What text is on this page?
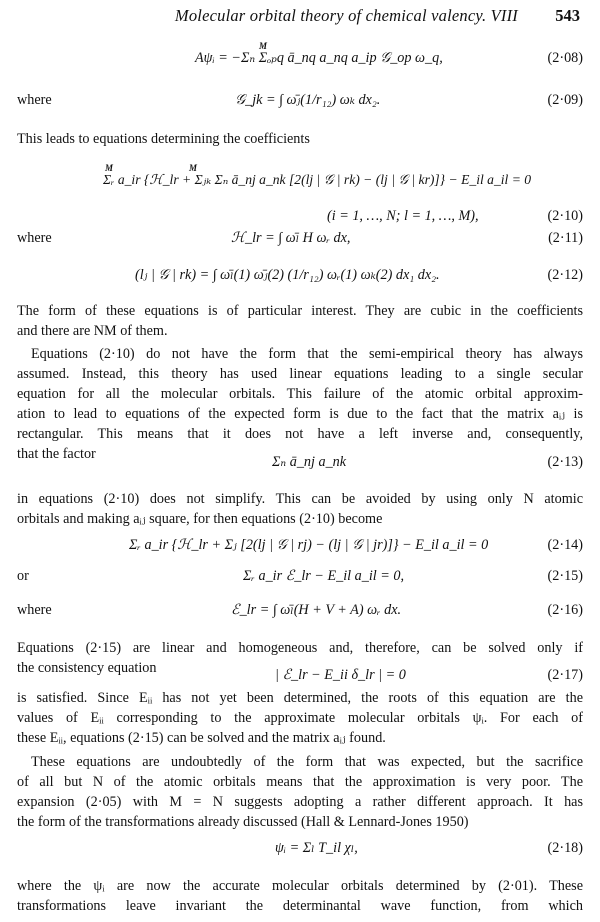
Molecular orbital theory of chemical valency. VIII 543
Aψᵢ = −Σₙ Σₒₚq ā_nq a_nq a_ip 𝒢_op ω_q,
M
(2·08)
where	𝒢_jk = ∫ ω̄ⱼ(1/r₁₂) ωₖ dx₂.	(2·09)
This leads to equations determining the coefficients
Σᵣ a_ir {ℋ_lr + Σⱼₖ Σₙ ā_nj a_nk [2(lj | 𝒢 | rk) − (lj | 𝒢 | kr)]} − E_il a_il = 0
M	M
(i = 1, …, N; l = 1, …, M),	(2·10)
where	ℋ_lr = ∫ ω̄ₗ H ωᵣ dx,	(2·11)
(lⱼ | 𝒢 | rk) = ∫ ω̄ₗ(1) ω̄ⱼ(2) (1/r₁₂) ωᵣ(1) ωₖ(2) dx₁ dx₂.	(2·12)
The form of these equations is of particular interest. They are cubic in the coefficients
and there are NM of them.
Equations (2·10) do not have the form that the semi-empirical theory has always
assumed. Instead, this theory has used linear equations leading to a single secular
equation for all the molecular orbitals. This failure of the atomic orbital approxim-
ation to lead to equations of the expected form is due to the fact that the matrix aᵢⱼ is
rectangular. This means that it does not have a left inverse and, consequently,
that the factor	Σₙ ā_nj a_nk	(2·13)
in equations (2·10) does not simplify. This can be avoided by using only N atomic
orbitals and making aᵢⱼ square, for then equations (2·10) become
Σᵣ a_ir {ℋ_lr + Σⱼ [2(lj | 𝒢 | rj) − (lj | 𝒢 | jr)]} − E_il a_il = 0	(2·14)
or	Σᵣ a_ir ℰ_lr − E_il a_il = 0,	(2·15)
where	ℰ_lr = ∫ ω̄ₗ(H + V + A) ωᵣ dx.	(2·16)
Equations (2·15) are linear and homogeneous and, therefore, can be solved only if
the consistency equation	| ℰ_lr − E_ii δ_lr | = 0	(2·17)
is satisfied. Since Eᵢᵢ has not yet been determined, the roots of this equation are the
values of Eᵢᵢ corresponding to the approximate molecular orbitals ψᵢ. For each of
these Eᵢᵢ, equations (2·15) can be solved and the matrix aᵢⱼ found.
These equations are undoubtedly of the form that was expected, but the sacrifice
of all but N of the atomic orbitals means that the approximation is very poor. The
expansion (2·05) with M = N suggests adopting a rather different approach. It has
the form of the transformations already discussed (Hall & Lennard-Jones 1950)
ψᵢ = Σₗ T_il χₗ,	(2·18)
where the ψᵢ are now the accurate molecular orbitals determined by (2·01). These
transformations leave invariant the determinantal wave function, from which
